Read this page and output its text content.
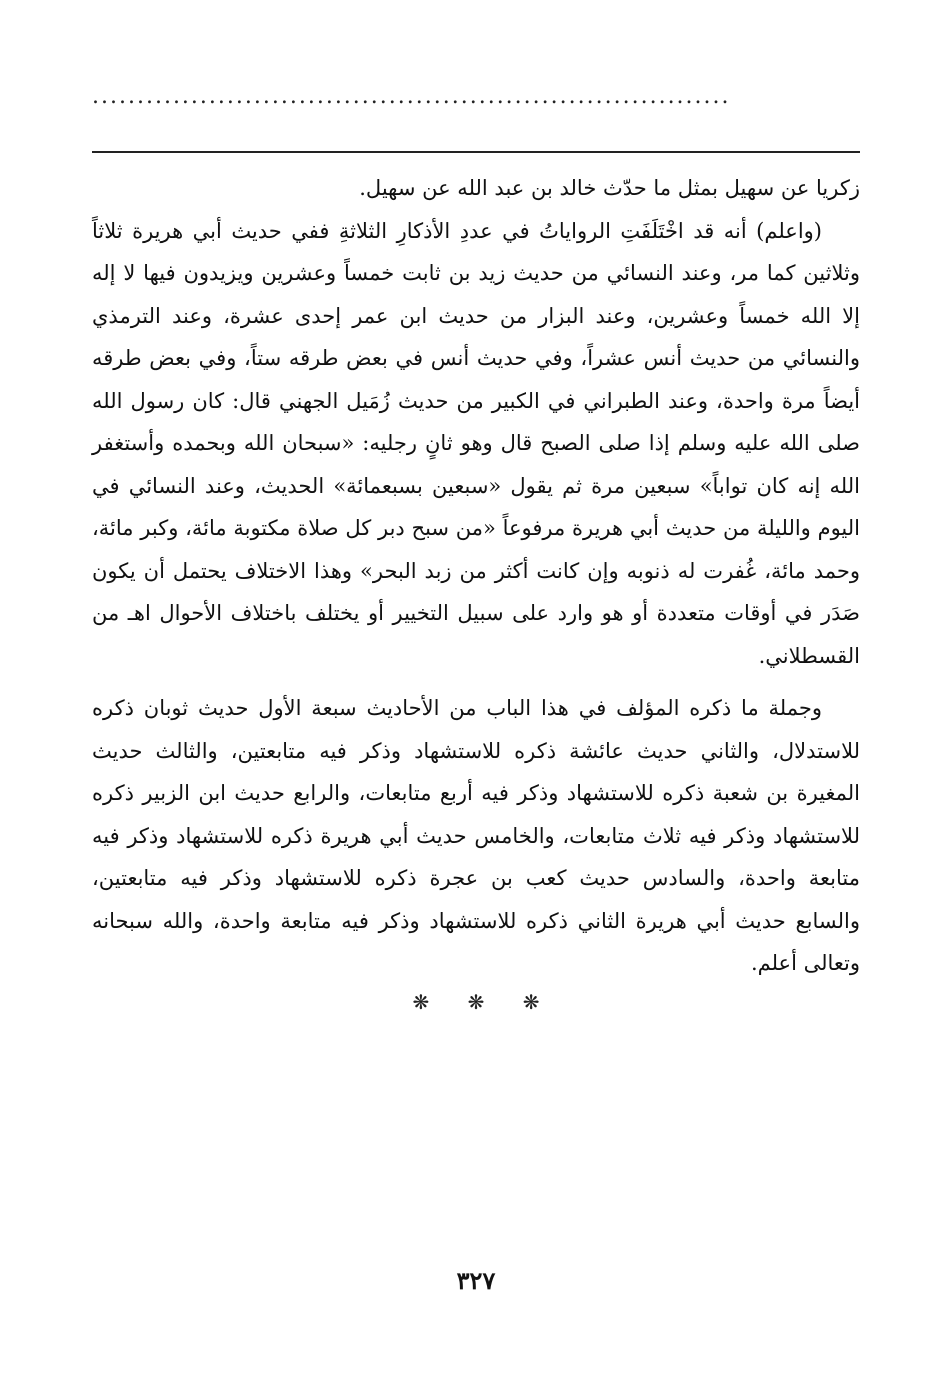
.......................................................................

زكريا عن سهيل بمثل ما حدّث خالد بن عبد الله عن سهيل.

(واعلم) أنه قد اخْتَلَفَتِ الرواياتُ في عددِ الأذكارِ الثلاثةِ ففي حديث أبي هريرة ثلاثاً وثلاثين كما مر، وعند النسائي من حديث زيد بن ثابت خمساً وعشرين ويزيدون فيها لا إله إلا الله خمساً وعشرين، وعند البزار من حديث ابن عمر إحدى عشرة، وعند الترمذي والنسائي من حديث أنس عشراً، وفي حديث أنس في بعض طرقه ستاً، وفي بعض طرقه أيضاً مرة واحدة، وعند الطبراني في الكبير من حديث زُمَيل الجهني قال: كان رسول الله صلى الله عليه وسلم إذا صلى الصبح قال وهو ثانٍ رجليه: «سبحان الله وبحمده وأستغفر الله إنه كان تواباً» سبعين مرة ثم يقول «سبعين بسبعمائة» الحديث، وعند النسائي في اليوم والليلة من حديث أبي هريرة مرفوعاً «من سبح دبر كل صلاة مكتوبة مائة، وكبر مائة، وحمد مائة، غُفرت له ذنوبه وإن كانت أكثر من زبد البحر» وهذا الاختلاف يحتمل أن يكون صَدَر في أوقات متعددة أو هو وارد على سبيل التخيير أو يختلف باختلاف الأحوال اهـ من القسطلاني.

وجملة ما ذكره المؤلف في هذا الباب من الأحاديث سبعة الأول حديث ثوبان ذكره للاستدلال، والثاني حديث عائشة ذكره للاستشهاد وذكر فيه متابعتين، والثالث حديث المغيرة بن شعبة ذكره للاستشهاد وذكر فيه أربع متابعات، والرابع حديث ابن الزبير ذكره للاستشهاد وذكر فيه ثلاث متابعات، والخامس حديث أبي هريرة ذكره للاستشهاد وذكر فيه متابعة واحدة، والسادس حديث كعب بن عجرة ذكره للاستشهاد وذكر فيه متابعتين، والسابع حديث أبي هريرة الثاني ذكره للاستشهاد وذكر فيه متابعة واحدة، والله سبحانه وتعالى أعلم.

❋ ❋ ❋
٣٢٧
